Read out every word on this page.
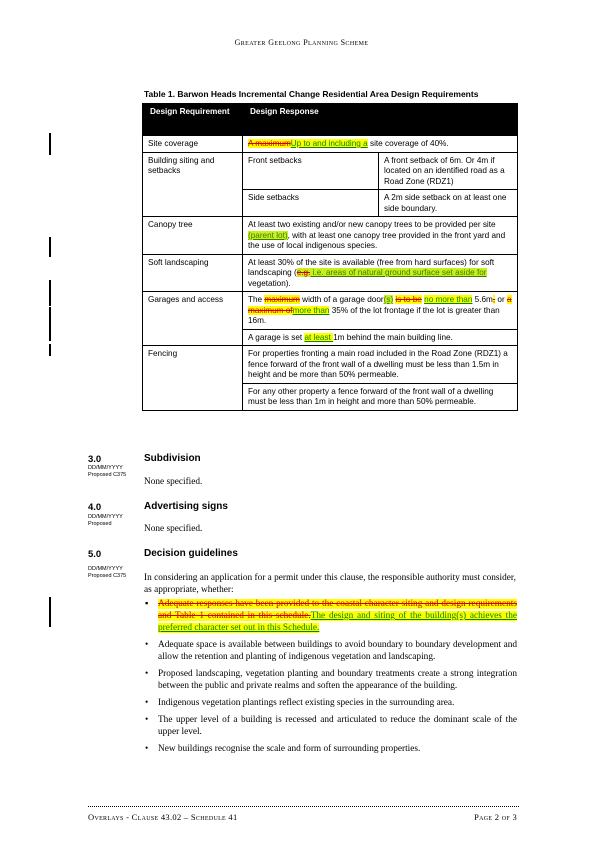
Greater Geelong Planning Scheme
Table 1. Barwon Heads Incremental Change Residential Area Design Requirements
Design Requirement	Design Response	
Site coverage	A maximumUp to and including a site coverage of 40%.	
Building siting and setbacks	Front setbacks	A front setback of 6m. Or 4m if located on an identified road as a Road Zone (RDZ1)
	Side setbacks	A 2m side setback on at least one side boundary.
Canopy tree	At least two existing and/or new canopy trees to be provided per site (parent lot), with at least one canopy tree provided in the front yard and the use of local indigenous species.	
Soft landscaping	At least 30% of the site is available (free from hard surfaces) for soft landscaping (e.g. i.e. areas of natural ground surface set aside for vegetation).	
Garages and access	The maximum width of a garage door(s) is to be no more than 5.6m, or a maximum ofmore than 35% of the lot frontage if the lot is greater than 16m.	
	A garage is set at least 1m behind the main building line.	
Fencing	For properties fronting a main road included in the Road Zone (RDZ1) a fence forward of the front wall of a dwelling must be less than 1.5m in height and be more than 50% permeable.	
	For any other property a fence forward of the front wall of a dwelling must be less than 1m in height and more than 50% permeable.	
3.0	Subdivision
DD/MM/YYYY
Proposed C375
None specified.
4.0	Advertising signs
DD/MM/YYYY
Proposed	None specified.
5.0	Decision guidelines
DD/MM/YYYY
Proposed C375 In considering an application for a permit under this clause, the responsible authority must consider, as appropriate, whether:
▪ Adequate responses have been provided to the coastal character siting and design requirements and Table 1 contained in this schedule.The design and siting of the building(s) achieves the preferred character set out in this Schedule.
• Adequate space is available between buildings to avoid boundary to boundary development and allow the retention and planting of indigenous vegetation and landscaping.
• Proposed landscaping, vegetation planting and boundary treatments create a strong integration between the public and private realms and soften the appearance of the building.
• Indigenous vegetation plantings reflect existing species in the surrounding area.
• The upper level of a building is recessed and articulated to reduce the dominant scale of the upper level.
• New buildings recognise the scale and form of surrounding properties.
Overlays - Clause 43.02 – Schedule 41	Page 2 of 3
